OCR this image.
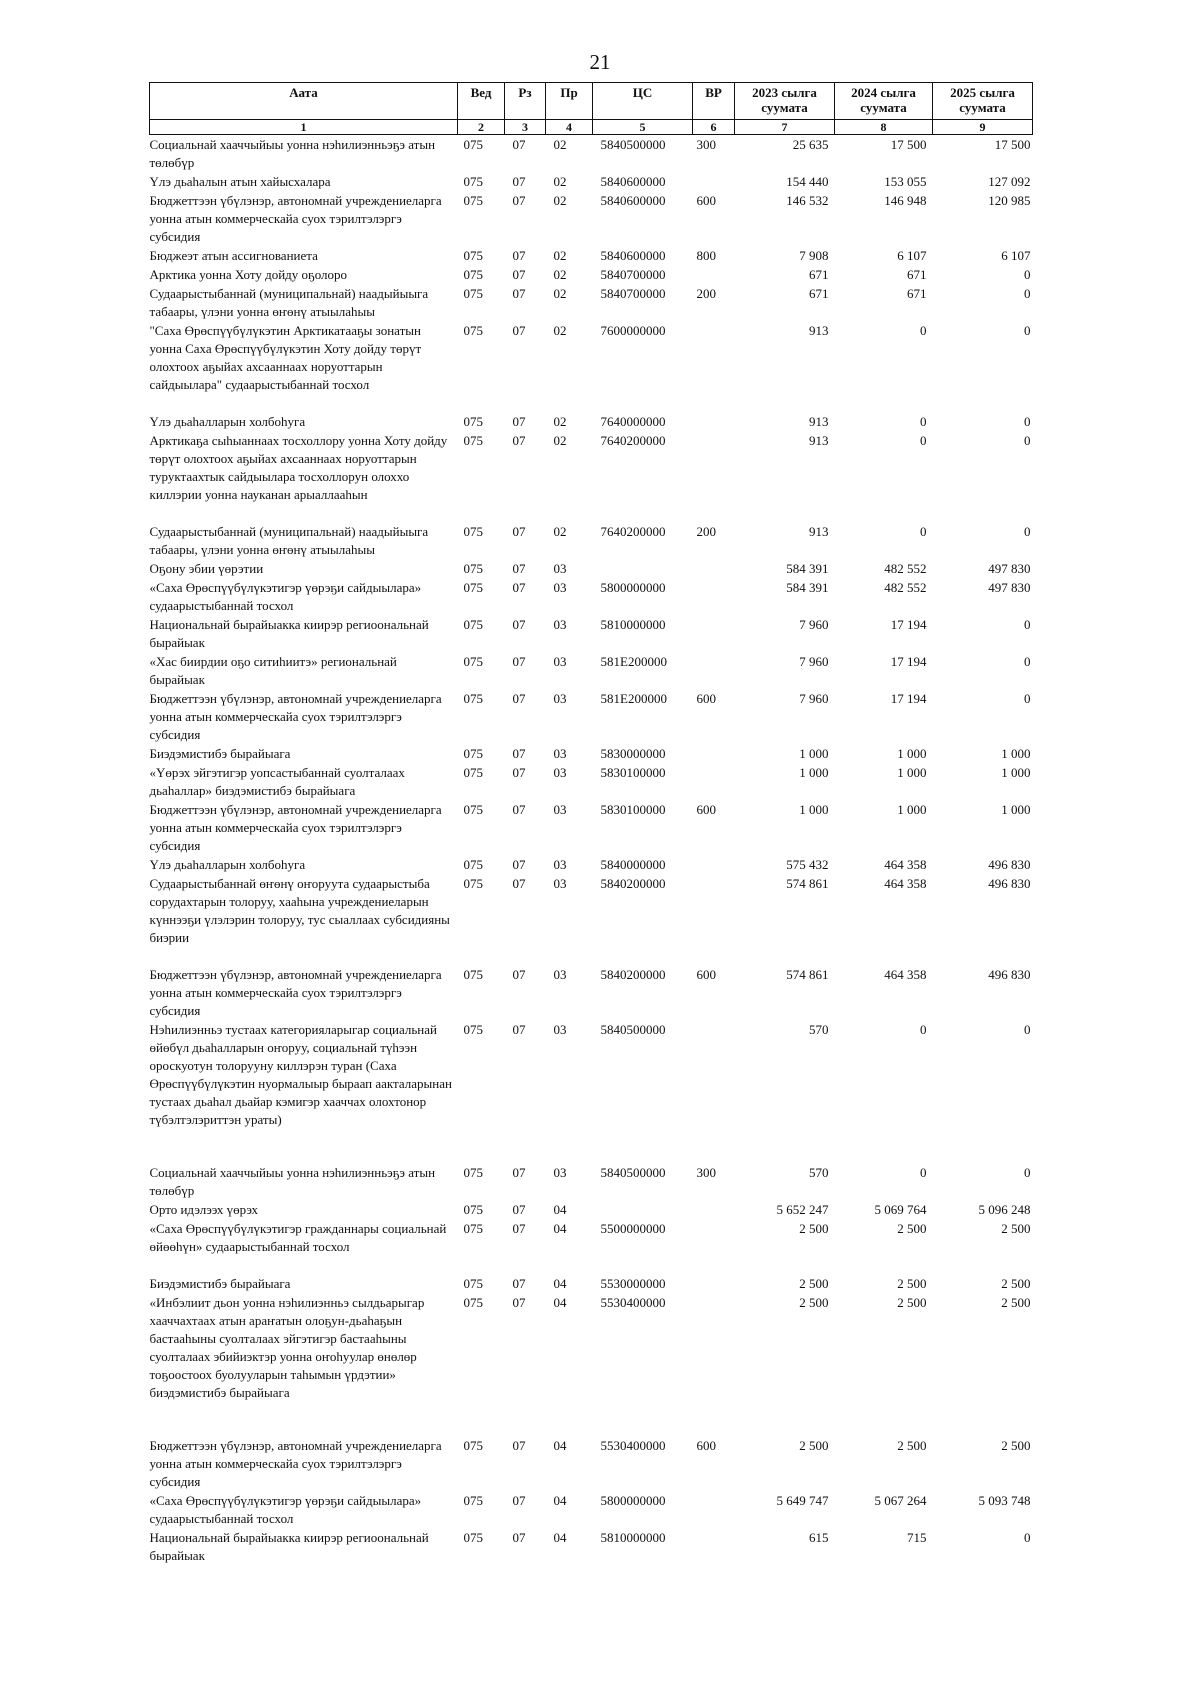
21
Аата	Вед	Рз	Пр	ЦС	ВР	2023 сылга суумата	2024 сылга суумата	2025 сылга суумата
1	2	3	4	5	6	7	8	9
Социальнай хааччыйыы уонна нэһилиэнньэҕэ атын төлөбүр	075	07	02	5840500000	300	25 635	17 500	17 500
Үлэ дьаһалын атын хайысхалара	075	07	02	5840600000		154 440	153 055	127 092
Бюджеттээн үбүлэнэр, автономнай учреждениеларга уонна атын коммерческайа суох тэрилтэлэргэ субсидия	075	07	02	5840600000	600	146 532	146 948	120 985
Бюджеэт атын ассигнованиета	075	07	02	5840600000	800	7 908	6 107	6 107
Арктика уонна Хоту дойду оҕолоро	075	07	02	5840700000		671	671	0
Судаарыстыбаннай (муниципальнай) наадыйыыга табаары, үлэни уонна өҥөнү атыылаһыы	075	07	02	5840700000	200	671	671	0
"Саха Өрөспүүбүлүкэтин Арктикатааҕы зонатын уонна Саха Өрөспүүбүлүкэтин Хоту дойду төрүт олохтоох аҕыйах ахсааннаах норуоттарын сайдыылара" судаарыстыбаннай тосхол	075	07	02	7600000000		913	0	0
Үлэ дьаһалларын холбоһуга	075	07	02	7640000000		913	0	0
Арктикаҕа сыһыаннаах тосхоллору уонна Хоту дойду төрүт олохтоох аҕыйах ахсааннаах норуоттарын туруктаахтык сайдыылара тосхоллорун олоххо киллэрии уонна науканан арыаллааһын	075	07	02	7640200000		913	0	0
Судаарыстыбаннай (муниципальнай) наадыйыыга табаары, үлэни уонна өҥөнү атыылаһыы	075	07	02	7640200000	200	913	0	0
Оҕону эбии үөрэтии	075	07	03			584 391	482 552	497 830
«Саха Өрөспүүбүлүкэтигэр үөрэҕи сайдыылара» судаарыстыбаннай тосхол	075	07	03	5800000000		584 391	482 552	497 830
Национальнай бырайыакка киирэр региоональнай бырайыак	075	07	03	5810000000		7 960	17 194	0
«Хас биирдии оҕо ситиһиитэ» региональнай бырайыак	075	07	03	581E200000		7 960	17 194	0
Бюджеттээн үбүлэнэр, автономнай учреждениеларга уонна атын коммерческайа суох тэрилтэлэргэ субсидия	075	07	03	581E200000	600	7 960	17 194	0
Биэдэмистибэ бырайыага	075	07	03	5830000000		1 000	1 000	1 000
«Үөрэх эйгэтигэр уопсастыбаннай суолталаах дьаһаллар» биэдэмистибэ бырайыага	075	07	03	5830100000		1 000	1 000	1 000
Бюджеттээн үбүлэнэр, автономнай учреждениеларга уонна атын коммерческайа суох тэрилтэлэргэ субсидия	075	07	03	5830100000	600	1 000	1 000	1 000
Үлэ дьаһалларын холбоһуга	075	07	03	5840000000		575 432	464 358	496 830
Судаарыстыбаннай өҥөнү оҥоруута судаарыстыба сорудахтарын толоруу, хааһына учреждениеларын күннээҕи үлэлэрин толоруу, тус сыаллаах субсидияны биэрии	075	07	03	5840200000		574 861	464 358	496 830
Бюджеттээн үбүлэнэр, автономнай учреждениеларга уонна атын коммерческайа суох тэрилтэлэргэ субсидия	075	07	03	5840200000	600	574 861	464 358	496 830
Нэһилиэнньэ тустаах категорияларыгар социальнай өйөбүл дьаһалларын оҥоруу, социальнай түһээн ороскуотун толорууну киллэрэн туран (Саха Өрөспүүбүлүкэтин нуормалыыр быраап аакталарынан тустаах дьаһал дьайар кэмигэр хааччах олохтонор түбэлтэлэриттэн ураты)	075	07	03	5840500000		570	0	0
Социальнай хааччыйыы уонна нэһилиэнньэҕэ атын төлөбүр	075	07	03	5840500000	300	570	0	0
Орто идэлээх үөрэх	075	07	04			5 652 247	5 069 764	5 096 248
«Саха Өрөспүүбүлүкэтигэр гражданнары социальнай өйөөһүн» судаарыстыбаннай тосхол	075	07	04	5500000000		2 500	2 500	2 500
Биэдэмистибэ бырайыага	075	07	04	5530000000		2 500	2 500	2 500
«Инбэлиит дьон уонна нэһилиэнньэ сылдьарыгар хааччахтаах атын араҥатын олоҕун-дьаһаҕын бастааһыны суолталаах эйгэтигэр бастааһыны суолталаах эбийиэктэр уонна оҥоһуулар өнөлөр тоҕоостоох буолууларын таһымын үрдэтии» биэдэмистибэ бырайыага	075	07	04	5530400000		2 500	2 500	2 500
Бюджеттээн үбүлэнэр, автономнай учреждениеларга уонна атын коммерческайа суох тэрилтэлэргэ субсидия	075	07	04	5530400000	600	2 500	2 500	2 500
«Саха Өрөспүүбүлүкэтигэр үөрэҕи сайдыылара» судаарыстыбаннай тосхол	075	07	04	5800000000		5 649 747	5 067 264	5 093 748
Национальнай бырайыакка киирэр региоональнай бырайыак	075	07	04	5810000000		615	715	0
